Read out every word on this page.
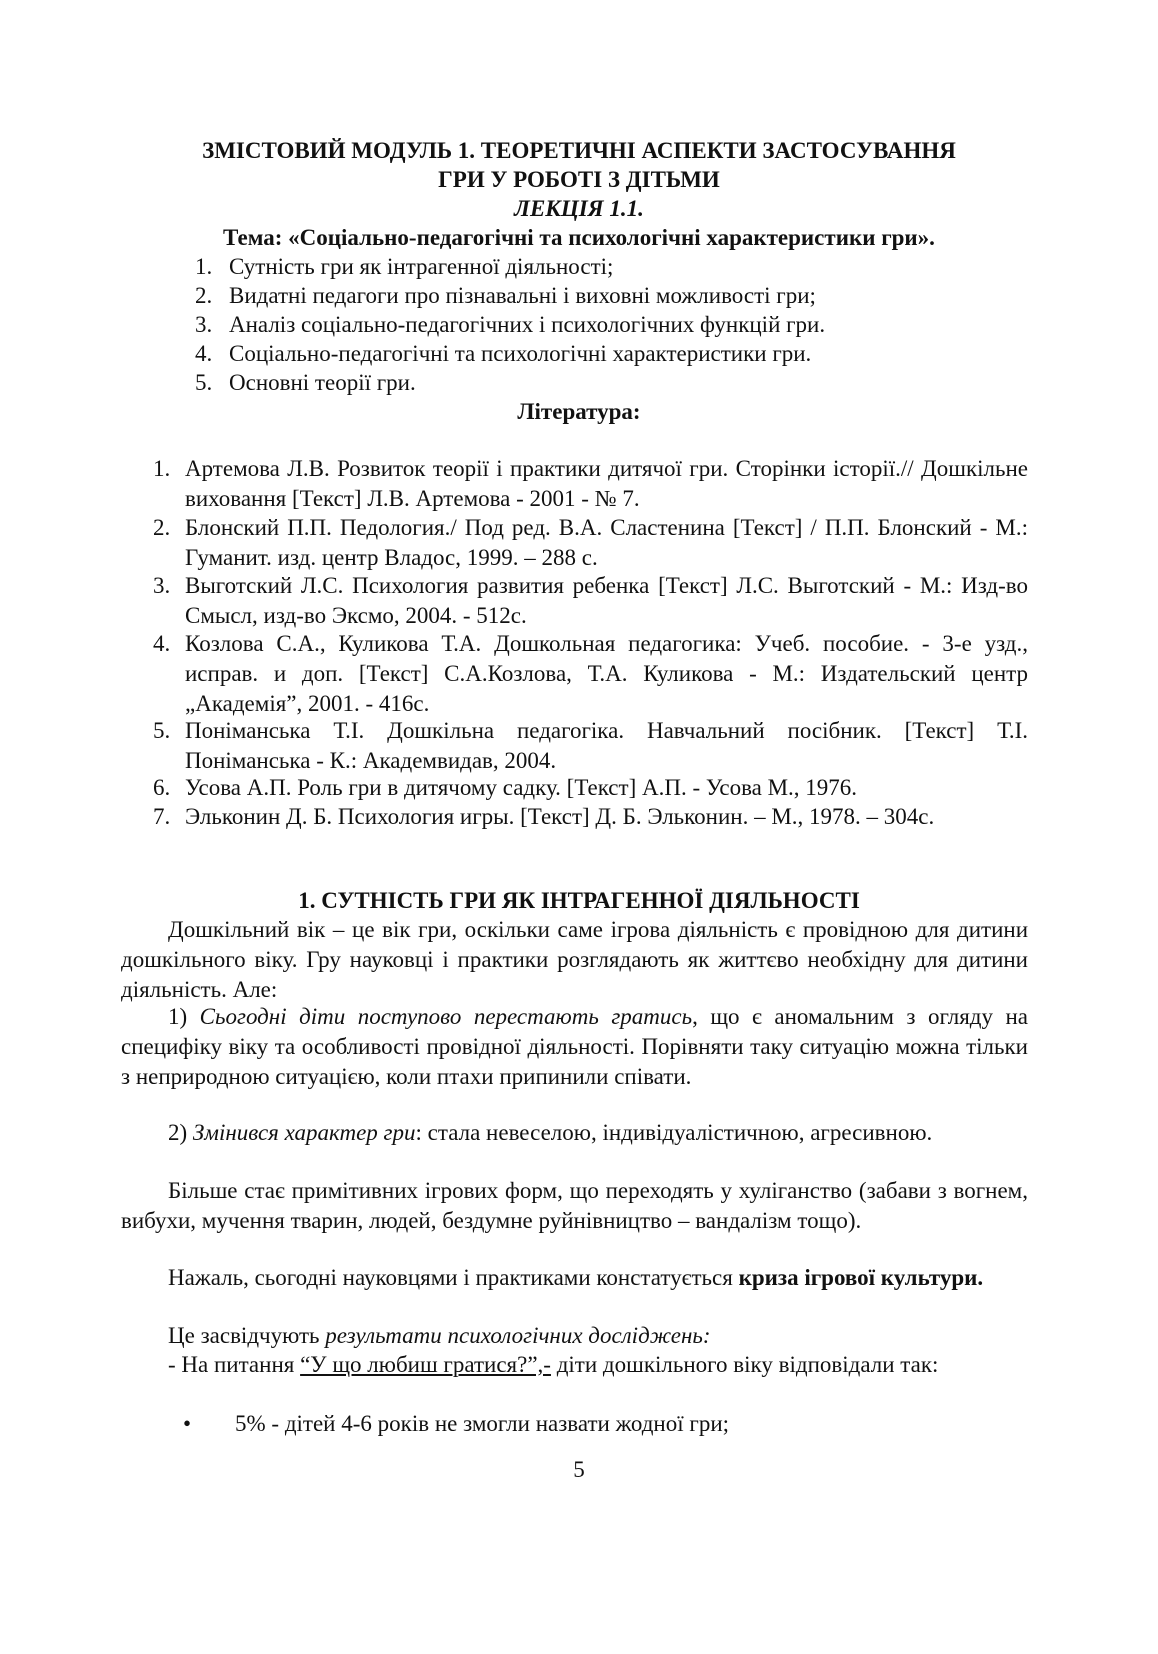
ЗМІСТОВИЙ МОДУЛЬ 1. ТЕОРЕТИЧНІ АСПЕКТИ ЗАСТОСУВАННЯ
ГРИ У РОБОТІ З ДІТЬМИ
ЛЕКЦІЯ 1.1.
Тема: «Соціально-педагогічні та психологічні характеристики гри».
1. Сутність гри як інтрагенної діяльності;
2. Видатні педагоги про пізнавальні і виховні можливості гри;
3. Аналіз соціально-педагогічних і психологічних функцій гри.
4. Соціально-педагогічні та психологічні характеристики гри.
5. Основні теорії гри.
Література:
1. Артемова Л.В. Розвиток теорії і практики дитячої гри. Сторінки історії.// Дошкільне виховання [Текст] Л.В. Артемова - 2001 - № 7.
2. Блонский П.П. Педология./ Под ред. В.А. Сластенина [Текст] / П.П. Блонский - М.: Гуманит. изд. центр Владос, 1999. – 288 с.
3. Выготский Л.С. Психология развития ребенка [Текст] Л.С. Выготский - М.: Изд-во Смысл, изд-во Эксмо, 2004. - 512с.
4. Козлова С.А., Куликова Т.А. Дошкольная педагогика: Учеб. пособие. - 3-е узд., исправ. и доп. [Текст] С.А.Козлова, Т.А. Куликова - М.: Издательский центр „Академія”, 2001. - 416с.
5. Поніманська Т.І. Дошкільна педагогіка. Навчальний посібник. [Текст] Т.І. Поніманська - К.: Академвидав, 2004.
6. Усова А.П. Роль гри в дитячому садку. [Текст] А.П. - Усова М., 1976.
7. Эльконин Д. Б. Психология игры. [Текст] Д. Б. Эльконин. – М., 1978. – 304с.
1. СУТНІСТЬ ГРИ ЯК ІНТРАГЕННОЇ ДІЯЛЬНОСТІ
Дошкільний вік – це вік гри, оскільки саме ігрова діяльність є провідною для дитини дошкільного віку. Гру науковці і практики розглядають як життєво необхідну для дитини діяльність. Але:
1) Сьогодні діти поступово перестають гратись, що є аномальним з огляду на специфіку віку та особливості провідної діяльності. Порівняти таку ситуацію можна тільки з неприродною ситуацією, коли птахи припинили співати.
2) Змінився характер гри: стала невеселою, індивідуалістичною, агресивною.
Більше стає примітивних ігрових форм, що переходять у хуліганство (забави з вогнем, вибухи, мучення тварин, людей, бездумне руйнівництво – вандалізм тощо).
Нажаль, сьогодні науковцями і практиками констатується криза ігрової культури.
Це засвідчують результати психологічних досліджень:
- На питання “У що любиш гратися?”,- діти дошкільного віку відповідали так:
• 5% - дітей 4-6 років не змогли назвати жодної гри;
5
